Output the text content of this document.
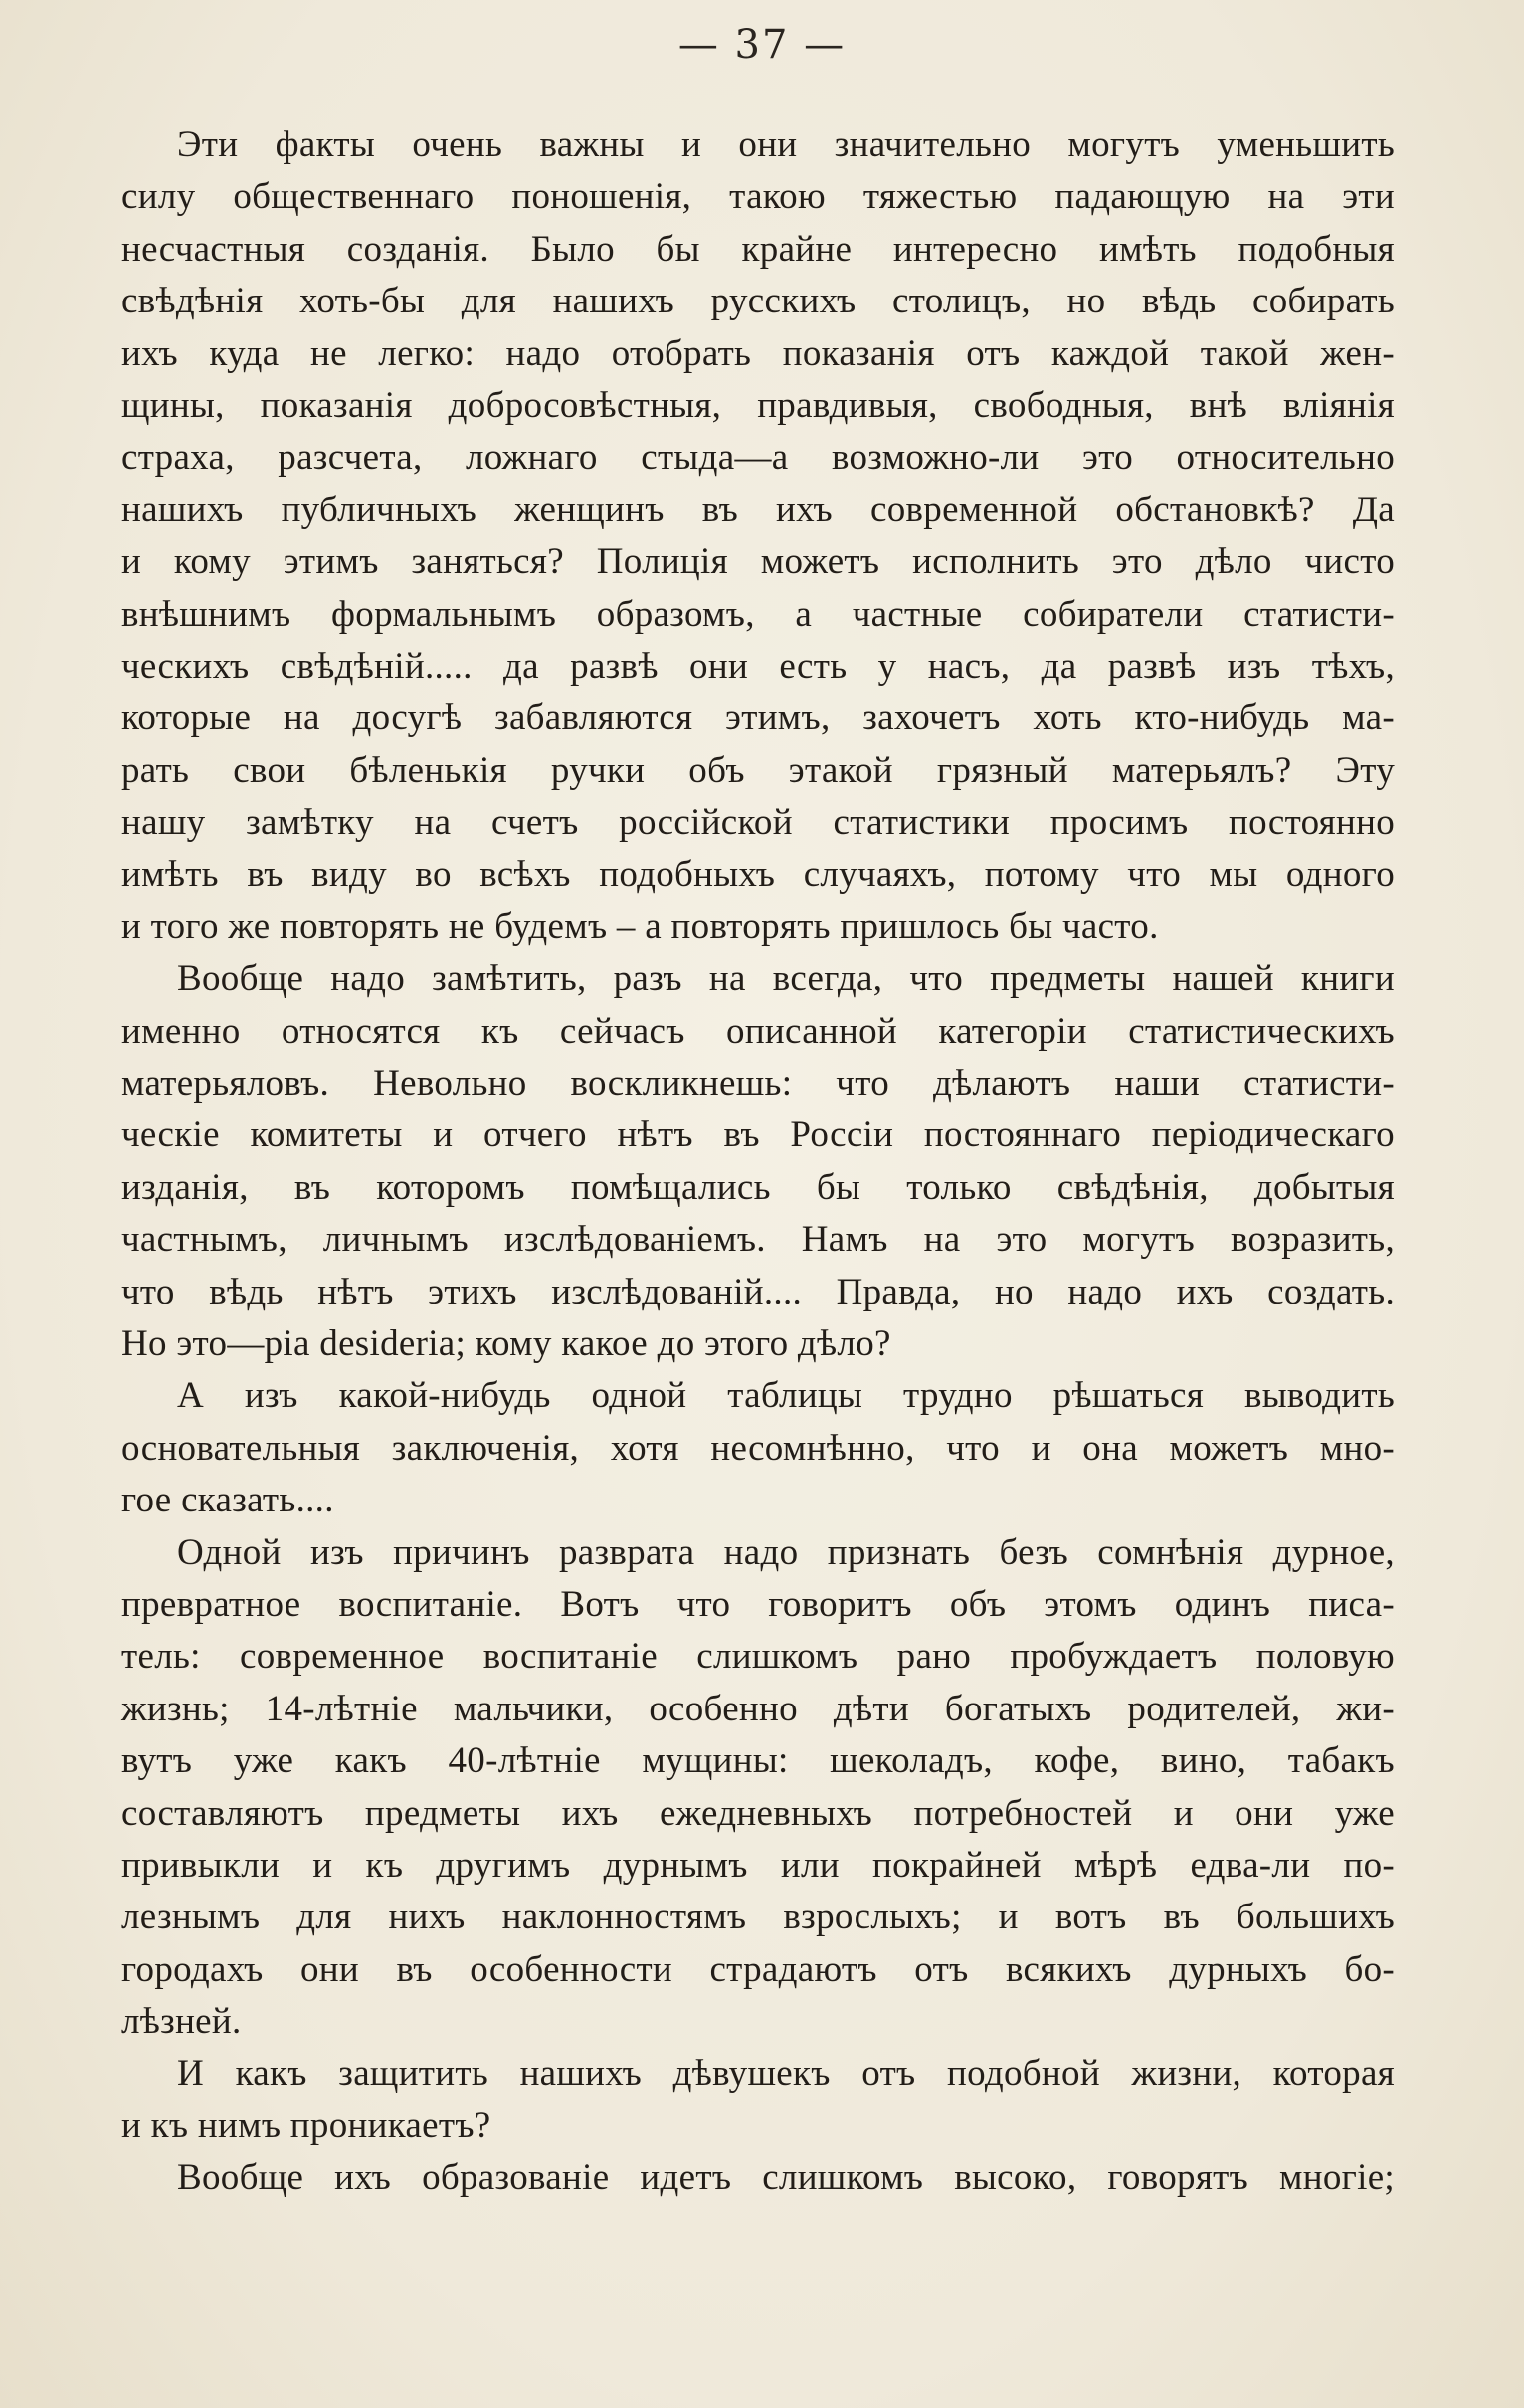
— 37 —
Эти факты очень важны и они значительно могутъ уменьшить
силу общественнаго поношенія, такою тяжестью падающую на эти
несчастныя созданія. Было бы крайне интересно имѣть подобныя
свѣдѣнія хоть-бы для нашихъ русскихъ столицъ, но вѣдь собирать
ихъ куда не легко: надо отобрать показанія отъ каждой такой жен-
щины, показанія добросовѣстныя, правдивыя, свободныя, внѣ вліянія
страха, разсчета, ложнаго стыда—а возможно-ли это относительно
нашихъ публичныхъ женщинъ въ ихъ современной обстановкѣ? Да
и кому этимъ заняться? Полиція можетъ исполнить это дѣло чисто
внѣшнимъ формальнымъ образомъ, а частные собиратели статисти-
ческихъ свѣдѣній..... да развѣ они есть у насъ, да развѣ изъ тѣхъ,
которые на досугѣ забавляются этимъ, захочетъ хоть кто-нибудь ма-
рать свои бѣленькія ручки объ этакой грязный матерьялъ? Эту
нашу замѣтку на счетъ россійской статистики просимъ постоянно
имѣть въ виду во всѣхъ подобныхъ случаяхъ, потому что мы одного
и того же повторять не будемъ – а повторять пришлось бы часто.
Вообще надо замѣтить, разъ на всегда, что предметы нашей книги
именно относятся къ сейчасъ описанной категоріи статистическихъ
матерьяловъ. Невольно воскликнешь: что дѣлаютъ наши статисти-
ческіе комитеты и отчего нѣтъ въ Россіи постояннаго періодическаго
изданія, въ которомъ помѣщались бы только свѣдѣнія, добытыя
частнымъ, личнымъ изслѣдованіемъ. Намъ на это могутъ возразить,
что вѣдь нѣтъ этихъ изслѣдованій.... Правда, но надо ихъ создать.
Но это—pia desideria; кому какое до этого дѣло?
А изъ какой-нибудь одной таблицы трудно рѣшаться выводить
основательныя заключенія, хотя несомнѣнно, что и она можетъ мно-
гое сказать....
Одной изъ причинъ разврата надо признать безъ сомнѣнія дурное,
превратное воспитаніе. Вотъ что говоритъ объ этомъ одинъ писа-
тель: современное воспитаніе слишкомъ рано пробуждаетъ половую
жизнь; 14-лѣтніе мальчики, особенно дѣти богатыхъ родителей, жи-
вутъ уже какъ 40-лѣтніе мущины: шеколадъ, кофе, вино, табакъ
составляютъ предметы ихъ ежедневныхъ потребностей и они уже
привыкли и къ другимъ дурнымъ или покрайней мѣрѣ едва-ли по-
лезнымъ для нихъ наклонностямъ взрослыхъ; и вотъ въ большихъ
городахъ они въ особенности страдаютъ отъ всякихъ дурныхъ бо-
лѣзней.
И какъ защитить нашихъ дѣвушекъ отъ подобной жизни, которая
и къ нимъ проникаетъ?
Вообще ихъ образованіе идетъ слишкомъ высоко, говорятъ многіе;
